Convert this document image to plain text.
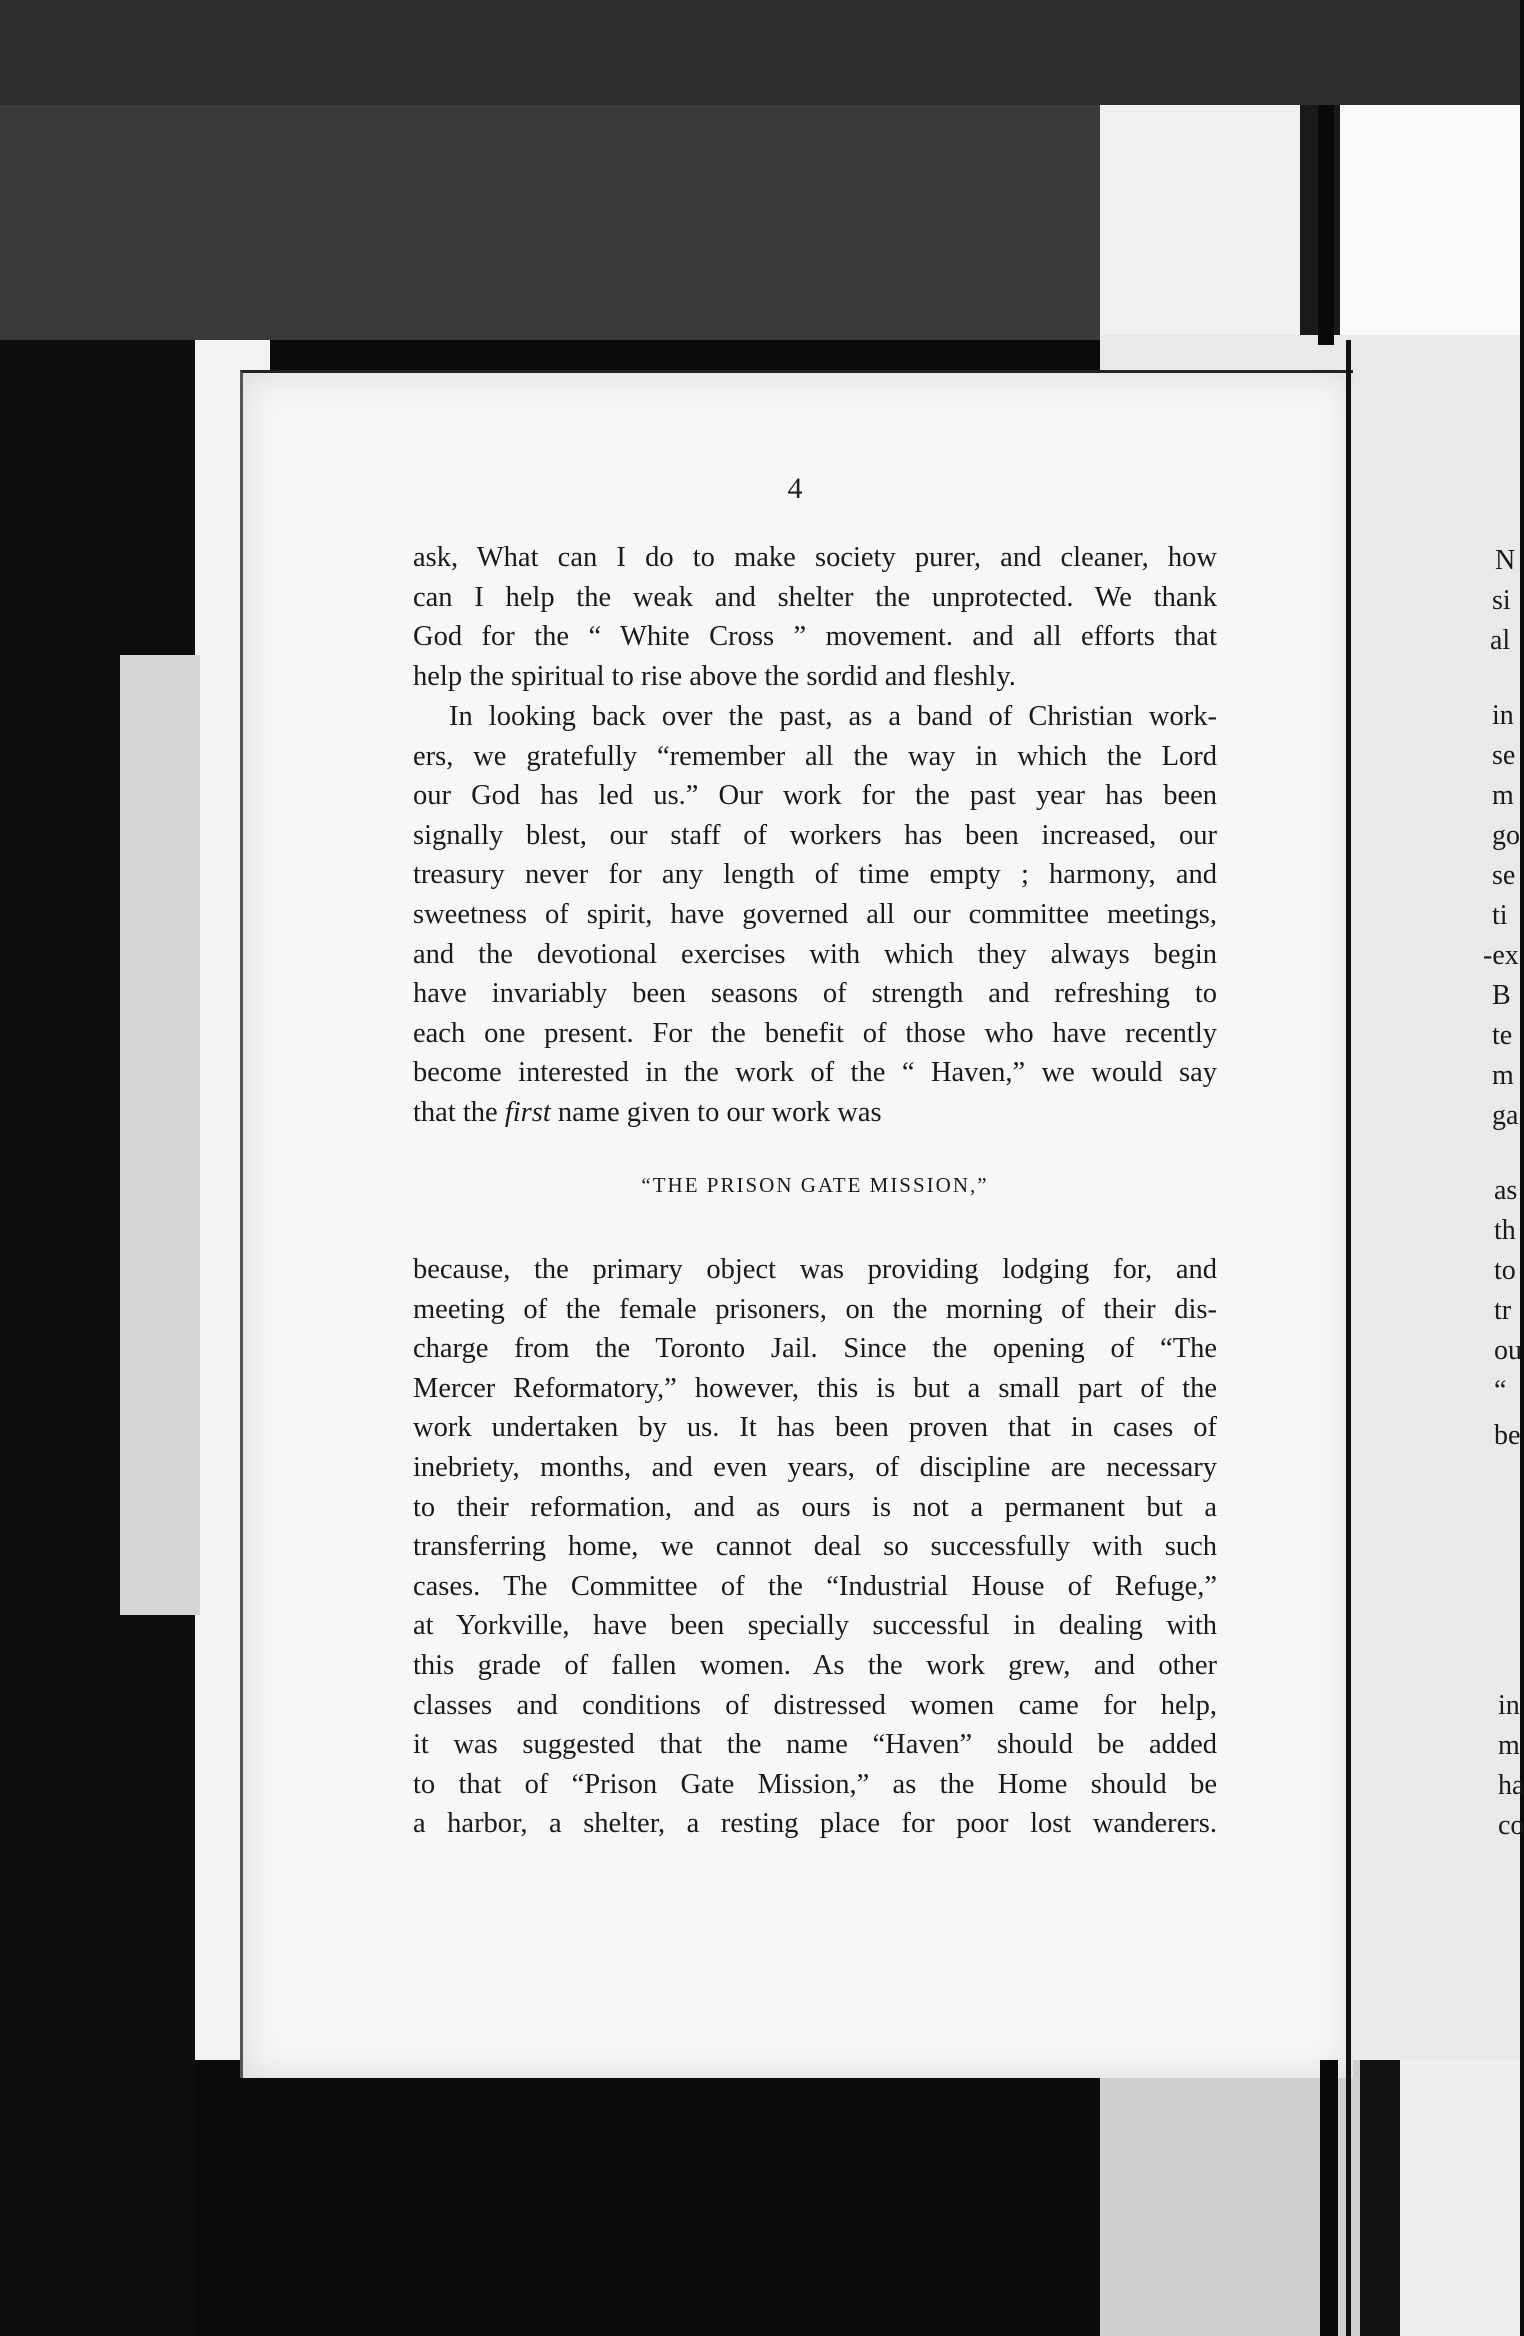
4
ask, What can I do to make society purer, and cleaner, how
can I help the weak and shelter the unprotected. We thank
God for the “ White Cross ” movement. and all efforts that
help the spiritual to rise above the sordid and fleshly.
In looking back over the past, as a band of Christian work-
ers, we gratefully “remember all the way in which the Lord
our God has led us.” Our work for the past year has been
signally blest, our staff of workers has been increased, our
treasury never for any length of time empty ; harmony, and
sweetness of spirit, have governed all our committee meetings,
and the devotional exercises with which they always begin
have invariably been seasons of strength and refreshing to
each one present. For the benefit of those who have recently
become interested in the work of the “ Haven,” we would say
that the first name given to our work was
“THE PRISON GATE MISSION,”
because, the primary object was providing lodging for, and
meeting of the female prisoners, on the morning of their dis-
charge from the Toronto Jail. Since the opening of “The
Mercer Reformatory,” however, this is but a small part of the
work undertaken by us. It has been proven that in cases of
inebriety, months, and even years, of discipline are necessary
to their reformation, and as ours is not a permanent but a
transferring home, we cannot deal so successfully with such
cases. The Committee of the “Industrial House of Refuge,”
at Yorkville, have been specially successful in dealing with
this grade of fallen women. As the work grew, and other
classes and conditions of distressed women came for help,
it was suggested that the name “Haven” should be added
to that of “Prison Gate Mission,” as the Home should be
a harbor, a shelter, a resting place for poor lost wanderers.
N
si
al
in
se
m
go
se
ti
-ex
B
te
m
ga
as
th
to
tr
ou
“
be
in
m
ha
co
